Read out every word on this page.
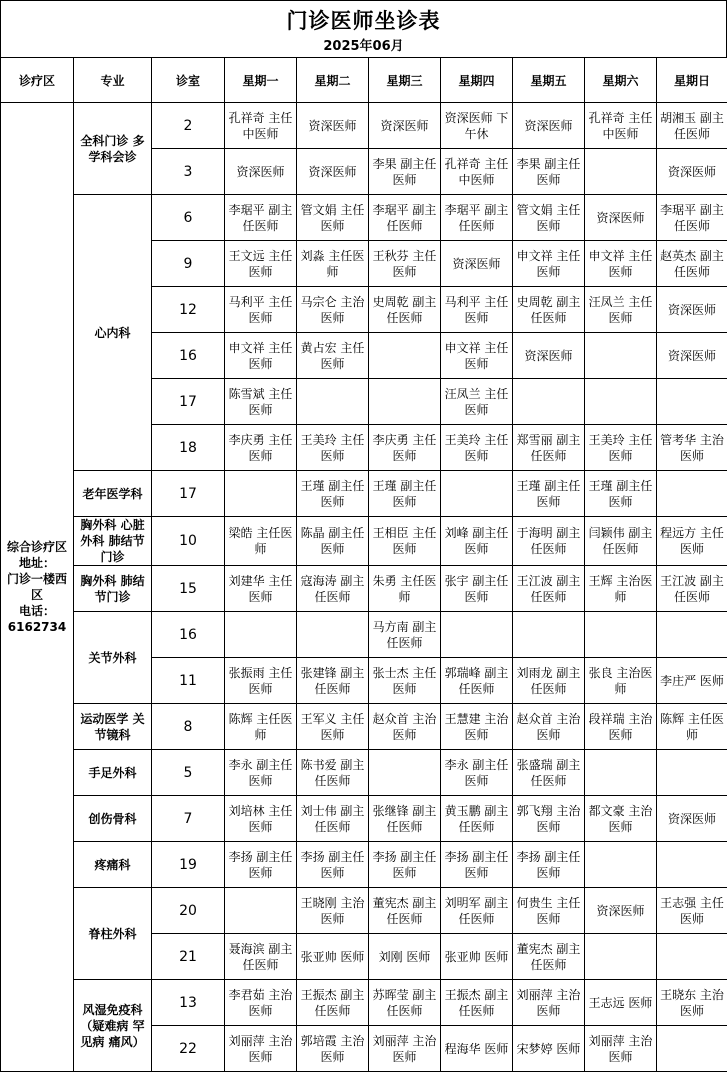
门诊医师坐诊表
2025年06月
诊疗区	专业	诊室	星期一	星期二	星期三	星期四	星期五	星期六	星期日

综合诊疗区
地址：
门诊一楼西区
电话：
6162734	全科门诊 多学科会诊	2	孔祥奇 主任中医师	资深医师	资深医师	资深医师 下午休	资深医师	孔祥奇 主任中医师	胡湘玉 副主任医师

		3	资深医师	资深医师	李果 副主任医师	孔祥奇 主任中医师	李果 副主任医师		资深医师

	心内科	6	李琚平 副主任医师	管文娟 主任医师	李琚平 副主任医师	李琚平 副主任医师	管文娟 主任医师	资深医师	李琚平 副主任医师

		9	王文远 主任医师	刘淼 主任医师	王秋芬 主任医师	资深医师	申文祥 主任医师	申文祥 主任医师	赵英杰 副主任医师

		12	马利平 主任医师	马宗仑 主治医师	史周乾 副主任医师	马利平 主任医师	史周乾 副主任医师	汪凤兰 主任医师	资深医师

		16	申文祥 主任医师	黄占宏 主任医师		申文祥 主任医师	资深医师		资深医师

		17	陈雪斌 主任医师			汪凤兰 主任医师			

		18	李庆勇 主任医师	王美玲 主任医师	李庆勇 主任医师	王美玲 主任医师	郑雪丽 副主任医师	王美玲 主任医师	管考华 主治医师

	老年医学科	17		王瑾 副主任医师	王瑾 副主任医师		王瑾 副主任医师	王瑾 副主任医师	

	胸外科 心脏外科 肺结节门诊	10	梁皓 主任医师	陈晶 副主任医师	王相臣 主任医师	刘峰 副主任医师	于海明 副主任医师	闫颖伟 副主任医师	程远方 主任医师

	胸外科 肺结节门诊	15	刘建华 主任医师	寇海涛 副主任医师	朱勇 主任医师	张宇 副主任医师	王江波 副主任医师	王辉 主治医师	王江波 副主任医师

	关节外科	16			马方南 副主任医师				

		11	张振雨 主任医师	张建锋 副主任医师	张士杰 主任医师	郭瑞峰 副主任医师	刘雨龙 副主任医师	张良 主治医师	李庄严 医师

	运动医学 关节镜科	8	陈辉 主任医师	王军义 主任医师	赵众首 主治医师	王慧建 主治医师	赵众首 主治医师	段祥瑞 主治医师	陈辉 主任医师

	手足外科	5	李永 副主任医师	陈书爱 副主任医师		李永 副主任医师	张盛瑞 副主任医师		

	创伤骨科	7	刘培林 主任医师	刘士伟 副主任医师	张继锋 副主任医师	黄玉鹏 副主任医师	郭飞翔 主治医师	都文豪 主治医师	资深医师

	疼痛科	19	李扬 副主任医师	李扬 副主任医师	李扬 副主任医师	李扬 副主任医师	李扬 副主任医师		

	脊柱外科	20		王晓刚 主治医师	董宪杰 副主任医师	刘明军 副主任医师	何贵生 主任医师	资深医师	王志强 主任医师

		21	聂海滨 副主任医师	张亚帅 医师	刘刚 医师	张亚帅 医师	董宪杰 副主任医师		

	风湿免疫科（疑难病 罕见病 痛风）	13	李君茹 主治医师	王振杰 副主任医师	苏晖莹 副主任医师	王振杰 副主任医师	刘丽萍 主治医师	王志远 医师	王晓东 主治医师

		22	刘丽萍 主治医师	郭培霞 主治医师	刘丽萍 主治医师	程海华 医师	宋梦婷 医师	刘丽萍 主治医师	
